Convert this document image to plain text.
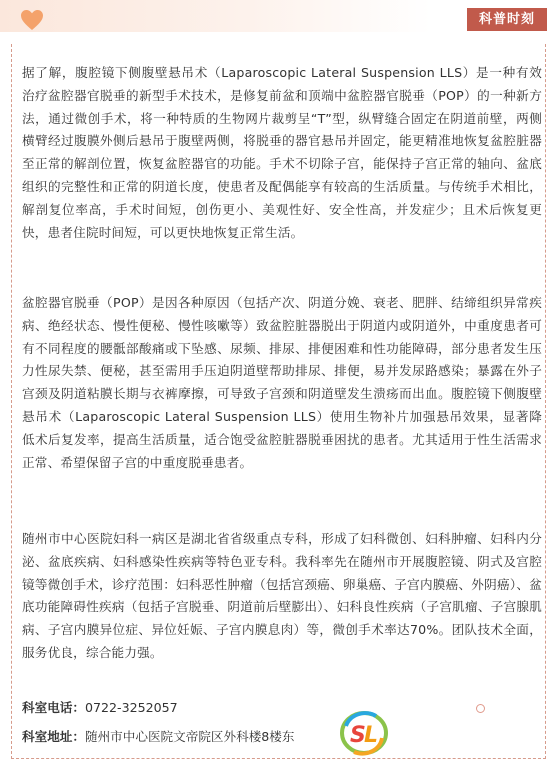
科普时刻

据了解，腹腔镜下侧腹壁悬吊术（Laparoscopic Lateral Suspension LLS）是一种有效治疗盆腔器官脱垂的新型手术技术，是修复前盆和顶端中盆腔器官脱垂（POP）的一种新方法，通过微创手术，将一种特质的生物网片裁剪呈“T”型，纵臂缝合固定在阴道前壁，两侧横臂经过腹膜外侧后悬吊于腹壁两侧，将脱垂的器官悬吊并固定，能更精准地恢复盆腔脏器至正常的解剖位置，恢复盆腔器官的功能。手术不切除子宫，能保持子宫正常的轴向、盆底组织的完整性和正常的阴道长度，使患者及配偶能享有较高的生活质量。与传统手术相比，解剖复位率高，手术时间短，创伤更小、美观性好、安全性高，并发症少；且术后恢复更快，患者住院时间短，可以更快地恢复正常生活。

盆腔器官脱垂（POP）是因各种原因（包括产次、阴道分娩、衰老、肥胖、结缔组织异常疾病、绝经状态、慢性便秘、慢性咳嗽等）致盆腔脏器脱出于阴道内或阴道外，中重度患者可有不同程度的腰骶部酸痛或下坠感、尿频、排尿、排便困难和性功能障碍，部分患者发生压力性尿失禁、便秘，甚至需用手压迫阴道壁帮助排尿、排便，易并发尿路感染；暴露在外子宫颈及阴道粘膜长期与衣裤摩擦，可导致子宫颈和阴道壁发生溃疡而出血。腹腔镜下侧腹壁悬吊术（Laparoscopic Lateral Suspension LLS）使用生物补片加强悬吊效果，显著降低术后复发率，提高生活质量，适合饱受盆腔脏器脱垂困扰的患者。尤其适用于性生活需求正常、希望保留子宫的中重度脱垂患者。

随州市中心医院妇科一病区是湖北省省级重点专科，形成了妇科微创、妇科肿瘤、妇科内分泌、盆底疾病、妇科感染性疾病等特色亚专科。我科率先在随州市开展腹腔镜、阴式及宫腔镜等微创手术，诊疗范围：妇科恶性肿瘤（包括宫颈癌、卵巢癌、子宫内膜癌、外阴癌）、盆底功能障碍性疾病（包括子宫脱垂、阴道前后壁膨出）、妇科良性疾病（子宫肌瘤、子宫腺肌病、子宫内膜异位症、异位妊娠、子宫内膜息肉）等，微创手术率达70%。团队技术全面，服务优良，综合能力强。

科室电话：0722-3252057
科室地址：随州市中心医院文帝院区外科楼8楼东	S
L
